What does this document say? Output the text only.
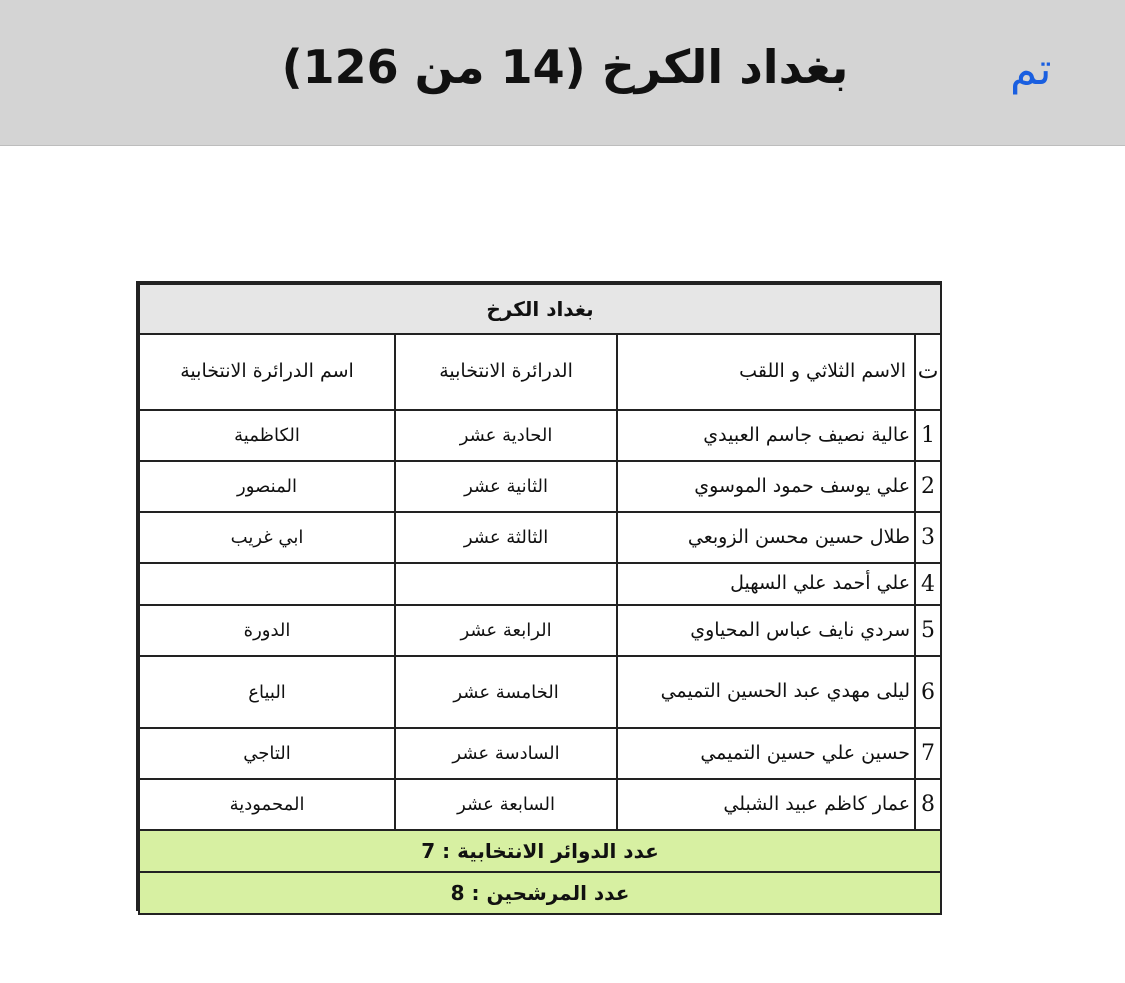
تم
بغداد الكرخ (14 من 126)
بغداد الكرخ			
ت	الاسم الثلاثي و اللقب	الدرائرة الانتخابية	اسم الدرائرة الانتخابية
1	عالية نصيف جاسم العبيدي	الحادية عشر	الكاظمية
2	علي يوسف حمود الموسوي	الثانية عشر	المنصور
3	طلال حسين محسن الزوبعي	الثالثة عشر	ابي غريب
4	علي أحمد علي السهيل		
5	سردي نايف عباس المحياوي	الرابعة عشر	الدورة
6	ليلى مهدي عبد الحسين التميمي	الخامسة عشر	البياع
7	حسين علي حسين التميمي	السادسة عشر	التاجي
8	عمار كاظم عبيد الشبلي	السابعة عشر	المحمودية
عدد الدوائر الانتخابية : 7			
عدد المرشحين : 8			
